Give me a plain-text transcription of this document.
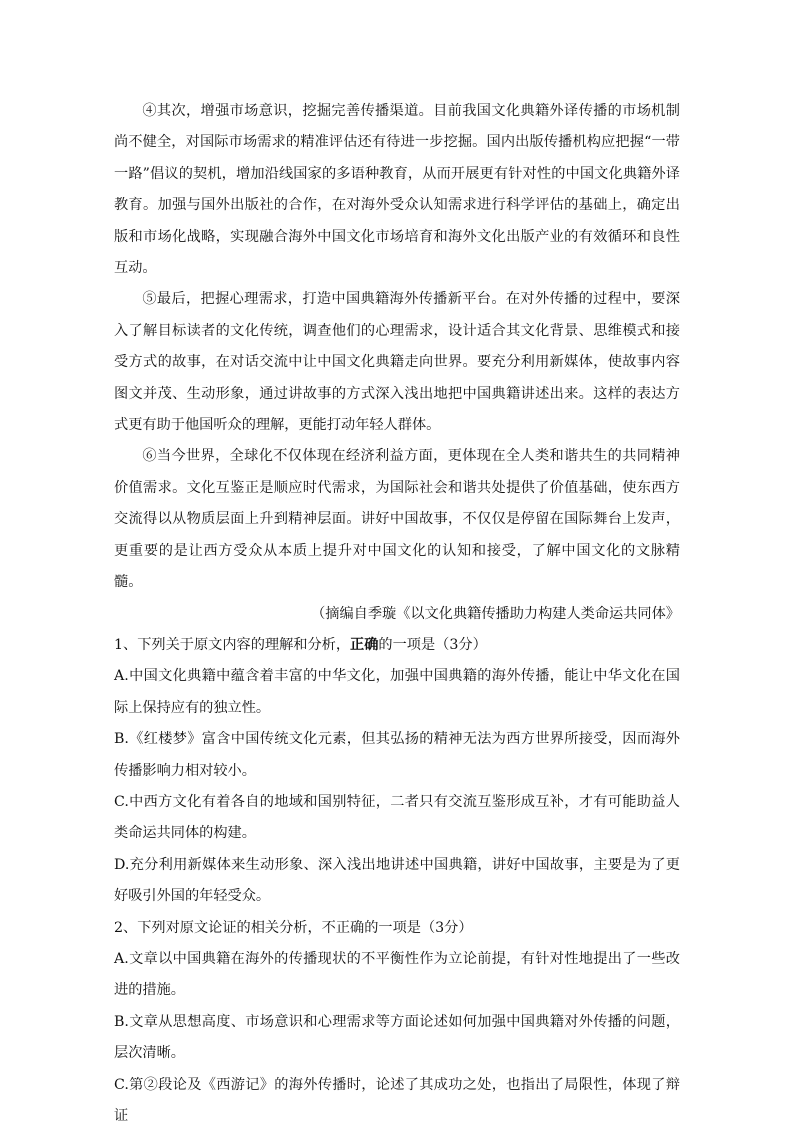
④其次，增强市场意识，挖掘完善传播渠道。目前我国文化典籍外译传播的市场机制尚不健全，对国际市场需求的精准评估还有待进一步挖掘。国内出版传播机构应把握“一带一路”倡议的契机，增加沿线国家的多语种教育，从而开展更有针对性的中国文化典籍外译教育。加强与国外出版社的合作，在对海外受众认知需求进行科学评估的基础上，确定出版和市场化战略，实现融合海外中国文化市场培育和海外文化出版产业的有效循环和良性互动。

⑤最后，把握心理需求，打造中国典籍海外传播新平台。在对外传播的过程中，要深入了解目标读者的文化传统，调查他们的心理需求，设计适合其文化背景、思维模式和接受方式的故事，在对话交流中让中国文化典籍走向世界。要充分利用新媒体，使故事内容图文并茂、生动形象，通过讲故事的方式深入浅出地把中国典籍讲述出来。这样的表达方式更有助于他国听众的理解，更能打动年轻人群体。

⑥当今世界，全球化不仅体现在经济利益方面，更体现在全人类和谐共生的共同精神价值需求。文化互鉴正是顺应时代需求，为国际社会和谐共处提供了价值基础，使东西方交流得以从物质层面上升到精神层面。讲好中国故事，不仅仅是停留在国际舞台上发声，更重要的是让西方受众从本质上提升对中国文化的认知和接受，了解中国文化的文脉精髓。

（摘编自季璇《以文化典籍传播助力构建人类命运共同体》

1、下列关于原文内容的理解和分析，正确的一项是（3分）

A.中国文化典籍中蕴含着丰富的中华文化，加强中国典籍的海外传播，能让中华文化在国际上保持应有的独立性。

B.《红楼梦》富含中国传统文化元素，但其弘扬的精神无法为西方世界所接受，因而海外传播影响力相对较小。

C.中西方文化有着各自的地域和国别特征，二者只有交流互鉴形成互补，才有可能助益人类命运共同体的构建。

D.充分利用新媒体来生动形象、深入浅出地讲述中国典籍，讲好中国故事，主要是为了更好吸引外国的年轻受众。

2、下列对原文论证的相关分析，不正确的一项是（3分）

A.文章以中国典籍在海外的传播现状的不平衡性作为立论前提，有针对性地提出了一些改进的措施。

B.文章从思想高度、市场意识和心理需求等方面论述如何加强中国典籍对外传播的问题，层次清晰。

C.第②段论及《西游记》的海外传播时，论述了其成功之处，也指出了局限性，体现了辩证
